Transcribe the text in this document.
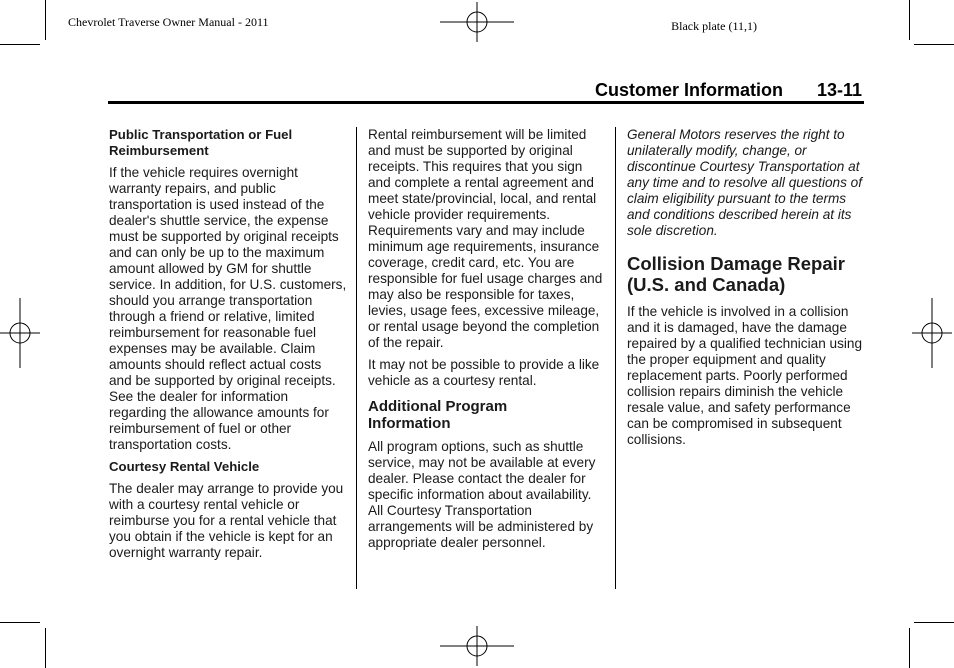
Chevrolet Traverse Owner Manual - 2011	Black plate (11,1)
Customer Information 13-11
Public Transportation or Fuel
Reimbursement

If the vehicle requires overnight warranty repairs, and public transportation is used instead of the dealer's shuttle service, the expense must be supported by original receipts and can only be up to the maximum amount allowed by GM for shuttle service. In addition, for U.S. customers, should you arrange transportation through a friend or relative, limited reimbursement for reasonable fuel expenses may be available. Claim amounts should reflect actual costs and be supported by original receipts. See the dealer for information regarding the allowance amounts for reimbursement of fuel or other transportation costs.

Courtesy Rental Vehicle

The dealer may arrange to provide you with a courtesy rental vehicle or reimburse you for a rental vehicle that you obtain if the vehicle is kept for an overnight warranty repair.

Rental reimbursement will be limited and must be supported by original receipts. This requires that you sign and complete a rental agreement and meet state/provincial, local, and rental vehicle provider requirements. Requirements vary and may include minimum age requirements, insurance coverage, credit card, etc. You are responsible for fuel usage charges and may also be responsible for taxes, levies, usage fees, excessive mileage, or rental usage beyond the completion of the repair.

It may not be possible to provide a like vehicle as a courtesy rental.

Additional Program
Information

All program options, such as shuttle service, may not be available at every dealer. Please contact the dealer for specific information about availability. All Courtesy Transportation arrangements will be administered by appropriate dealer personnel.

General Motors reserves the right to unilaterally modify, change, or discontinue Courtesy Transportation at any time and to resolve all questions of claim eligibility pursuant to the terms and conditions described herein at its sole discretion.

Collision Damage Repair
(U.S. and Canada)

If the vehicle is involved in a collision and it is damaged, have the damage repaired by a qualified technician using the proper equipment and quality replacement parts. Poorly performed collision repairs diminish the vehicle resale value, and safety performance can be compromised in subsequent collisions.
